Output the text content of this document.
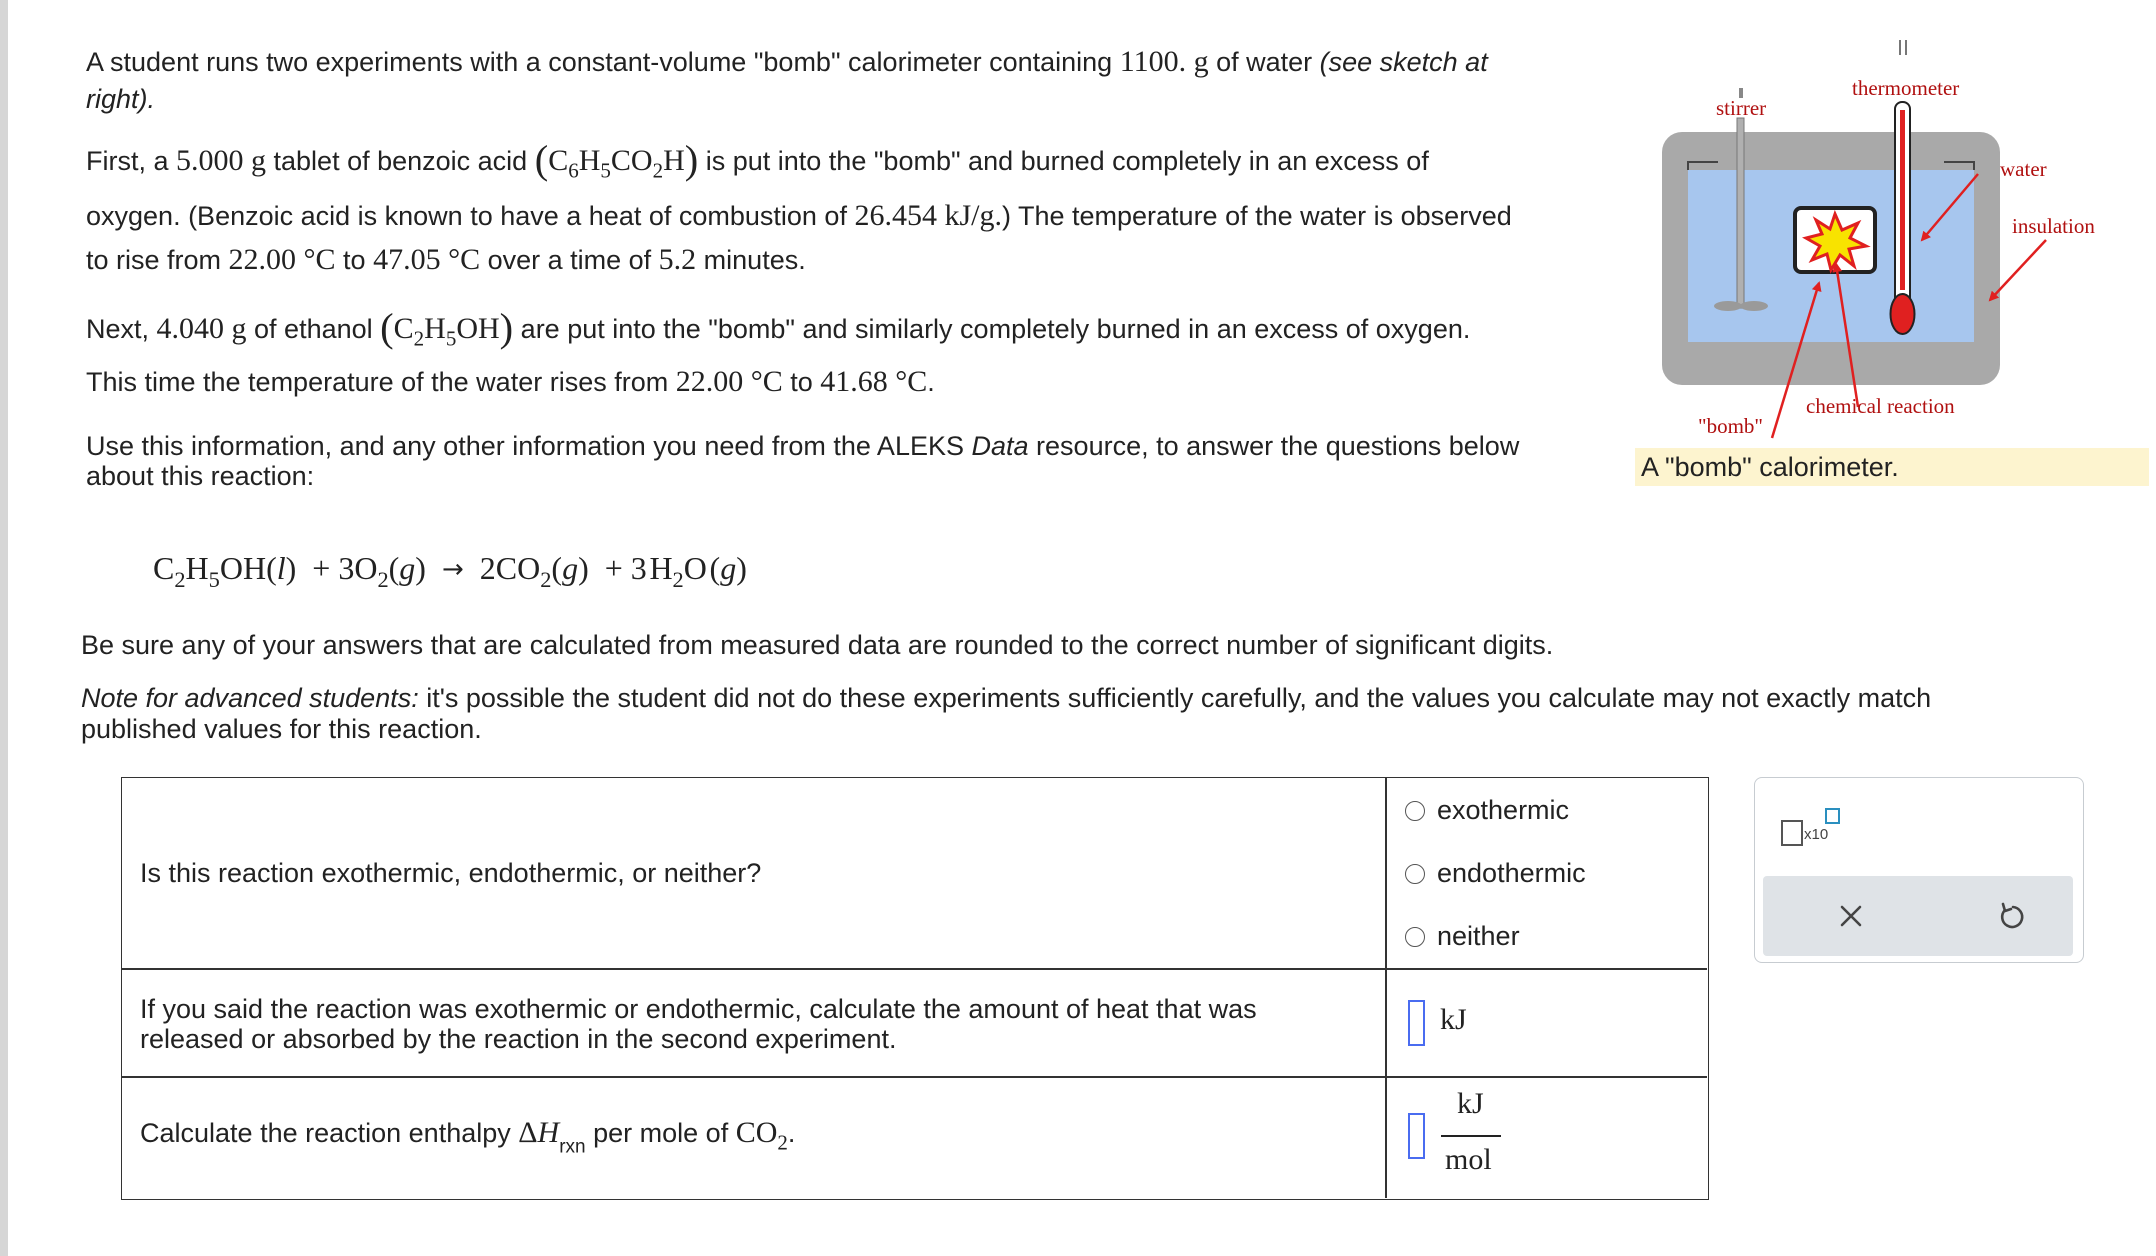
A student runs two experiments with a constant-volume "bomb" calorimeter containing 1100. g of water (see sketch at
right).
First, a 5.000 g tablet of benzoic acid $(C_6H_5CO_2H)$ is put into the "bomb" and burned completely in an excess of
oxygen. (Benzoic acid is known to have a heat of combustion of 26.454 kJ/g.) The temperature of the water is observed
to rise from 22.00 °C to 47.05 °C over a time of 5.2 minutes.
Next, 4.040 g of ethanol $(C_2H_5OH)$ are put into the "bomb" and similarly completely burned in an excess of oxygen.
This time the temperature of the water rises from 22.00 °C to 41.68 °C.
Use this information, and any other information you need from the ALEKS Data resource, to answer the questions below
about this reaction:
$C_2H_5OH(l) + 3O_2(g) \to 2CO_2(g) + 3$ $H_2O$ (g)
Be sure any of your answers that are calculated from measured data are rounded to the correct number of significant digits.
Note for advanced students: it's possible the student did not do these experiments sufficiently carefully, and the values you calculate may not exactly match
published values for this reaction.
stirrer
thermometer
water
insulation
chemical reaction
"bomb"
A "bomb" calorimeter.
Is this reaction exothermic, endothermic, or neither?
exothermic
endothermic
neither
If you said the reaction was exothermic or endothermic, calculate the amount of heat that was
released or absorbed by the reaction in the second experiment.
kJ
Calculate the reaction enthalpy $\Delta H_{rxn}$ per mole of $CO_2$.
kJ
mol
x10
